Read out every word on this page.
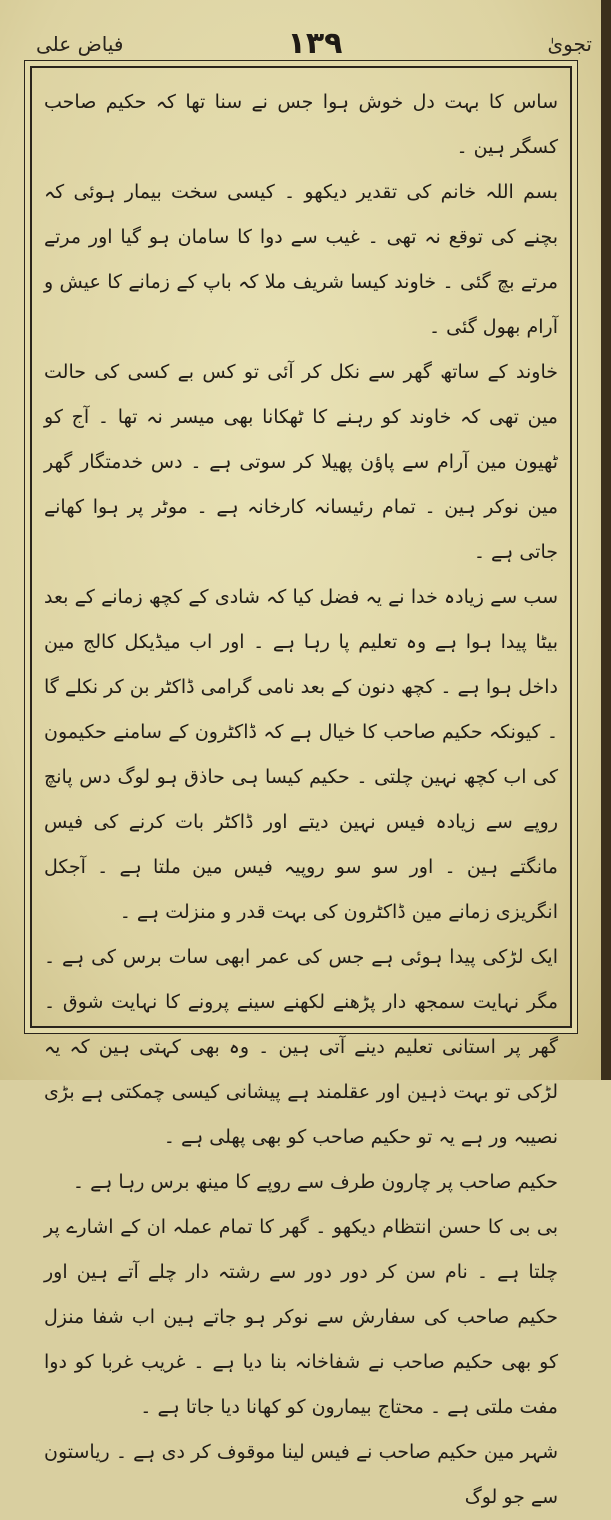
تجویٰ
۱۳۹
فیاض علی

ساس کا بہت دل خوش ہوا جس نے سنا تھا کہ حکیم صاحب کسگر ہین ۔

بسم اللہ خانم کی تقدیر دیکھو ۔ کیسی سخت بیمار ہوئی کہ بچنے کی توقع نہ تھی ۔ غیب سے دوا کا سامان ہو گیا اور مرتے مرتے بچ گئی ۔ خاوند کیسا شریف ملا کہ باپ کے زمانے کا عیش و آرام بھول گئی ۔

خاوند کے ساتھ گھر سے نکل کر آئی تو کس بے کسی کی حالت مین تھی کہ خاوند کو رہنے کا ٹھکانا بھی میسر نہ تھا ۔ آج کو ٹھیون مین آرام سے پاؤن پھیلا کر سوتی ہے ۔ دس خدمتگار گھر مین نوکر ہین ۔ تمام رئیسانہ کارخانہ ہے ۔ موٹر پر ہوا کھانے جاتی ہے ۔

سب سے زیادہ خدا نے یہ فضل کیا کہ شادی کے کچھ زمانے کے بعد بیٹا پیدا ہوا ہے وہ تعلیم پا رہا ہے ۔ اور اب میڈیکل کالج مین داخل ہوا ہے ۔ کچھ دنون کے بعد نامی گرامی ڈاکٹر بن کر نکلے گا ۔ کیونکہ حکیم صاحب کا خیال ہے کہ ڈاکٹرون کے سامنے حکیمون کی اب کچھ نہین چلتی ۔ حکیم کیسا ہی حاذق ہو لوگ دس پانچ روپے سے زیادہ فیس نہین دیتے اور ڈاکٹر بات کرنے کی فیس مانگتے ہین ۔ اور سو سو روپیہ فیس مین ملتا ہے ۔ آجکل انگریزی زمانے مین ڈاکٹرون کی بہت قدر و منزلت ہے ۔

ایک لڑکی پیدا ہوئی ہے جس کی عمر ابھی سات برس کی ہے ۔ مگر نہایت سمجھ دار پڑھنے لکھنے سینے پرونے کا نہایت شوق ۔ گھر پر استانی تعلیم دینے آتی ہین ۔ وہ بھی کہتی ہین کہ یہ لڑکی تو بہت ذہین اور عقلمند ہے پیشانی کیسی چمکتی ہے بڑی نصیبہ ور ہے یہ تو حکیم صاحب کو بھی پھلی ہے ۔

حکیم صاحب پر چارون طرف سے روپے کا مینھ برس رہا ہے ۔

بی بی کا حسن انتظام دیکھو ۔ گھر کا تمام عملہ ان کے اشارے پر چلتا ہے ۔ نام سن کر دور دور سے رشتہ دار چلے آتے ہین اور حکیم صاحب کی سفارش سے نوکر ہو جاتے ہین اب شفا منزل کو بھی حکیم صاحب نے شفاخانہ بنا دیا ہے ۔ غریب غربا کو دوا مفت ملتی ہے ۔ محتاج بیمارون کو کھانا دیا جاتا ہے ۔

شہر مین حکیم صاحب نے فیس لینا موقوف کر دی ہے ۔ ریاستون سے جو لوگ
